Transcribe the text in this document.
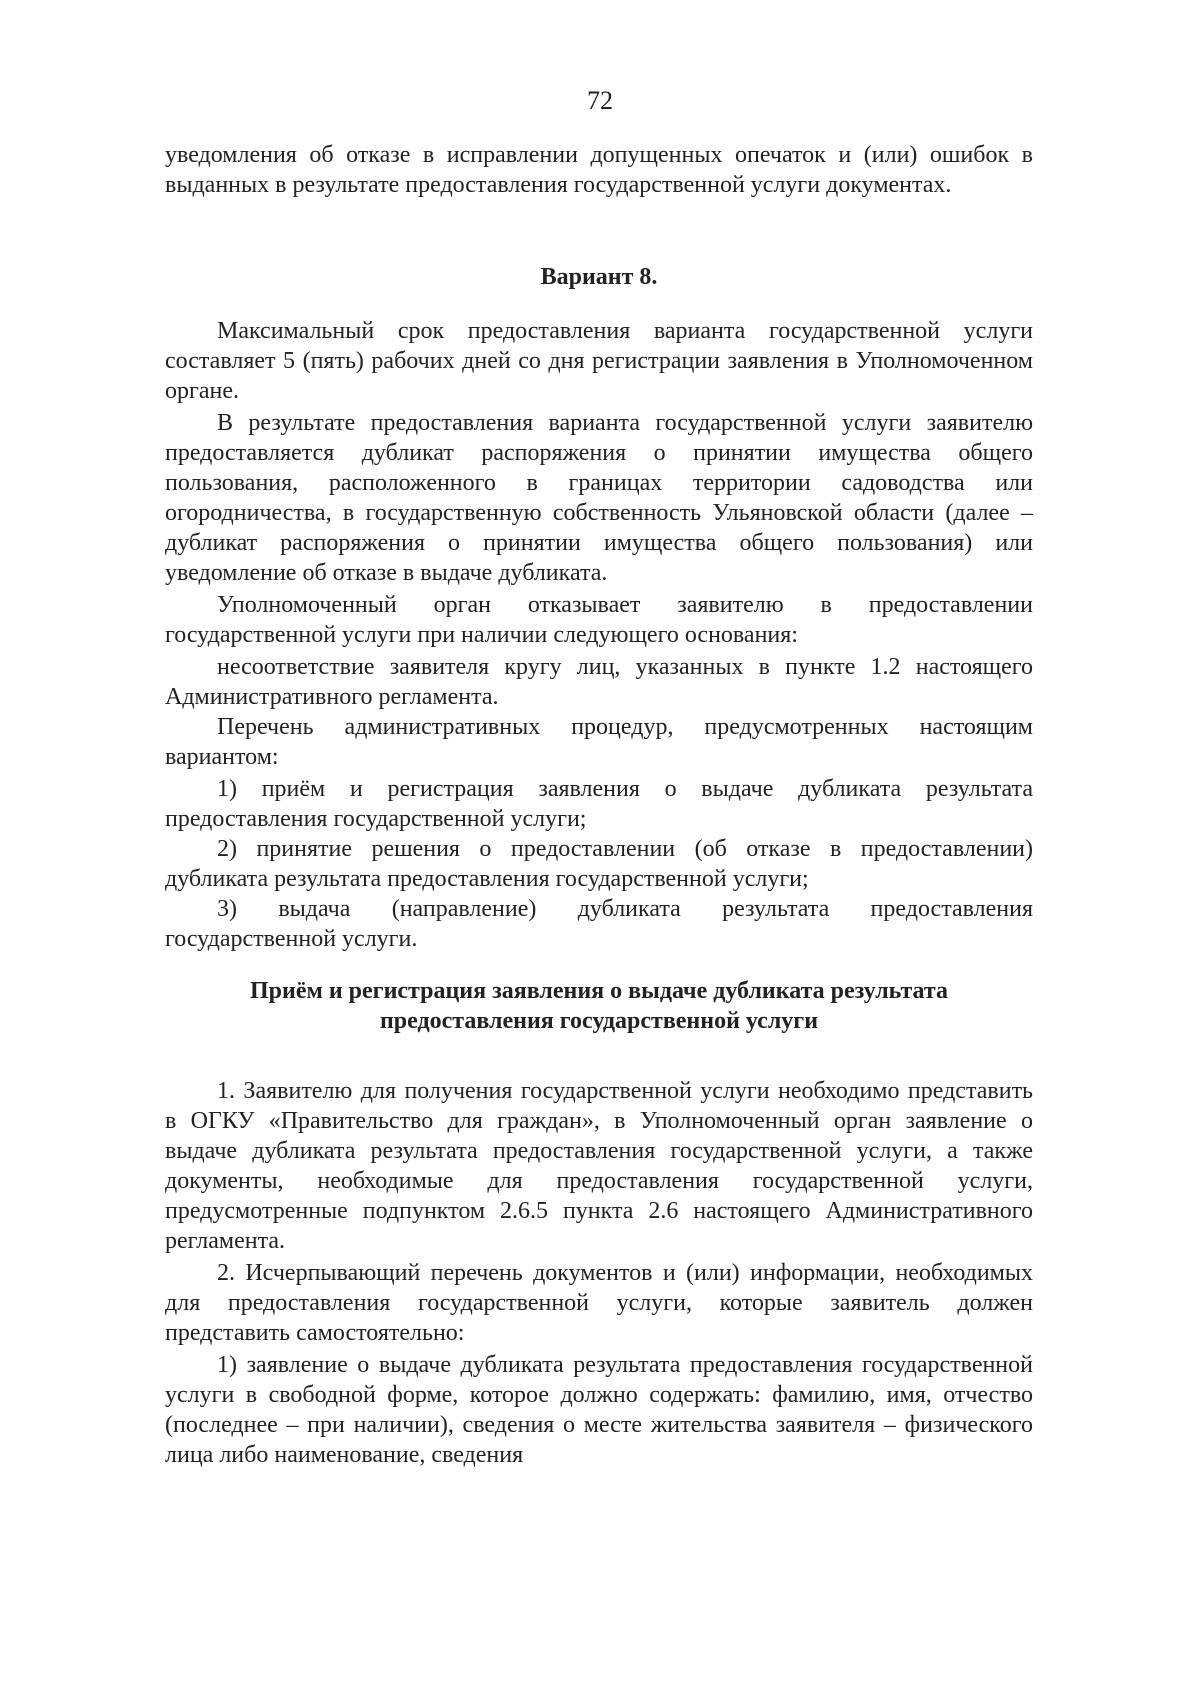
72

уведомления об отказе в исправлении допущенных опечаток и (или) ошибок в выданных в результате предоставления государственной услуги документах.

Вариант 8.

Максимальный срок предоставления варианта государственной услуги составляет 5 (пять) рабочих дней со дня регистрации заявления в Уполномоченном органе.

В результате предоставления варианта государственной услуги заявителю предоставляется дубликат распоряжения о принятии имущества общего пользования, расположенного в границах территории садоводства или огородничества, в государственную собственность Ульяновской области (далее – дубликат распоряжения о принятии имущества общего пользования) или уведомление об отказе в выдаче дубликата.

Уполномоченный орган отказывает заявителю в предоставлении государственной услуги при наличии следующего основания:

несоответствие заявителя кругу лиц, указанных в пункте 1.2 настоящего Административного регламента.

Перечень административных процедур, предусмотренных настоящим вариантом:

1) приём и регистрация заявления о выдаче дубликата результата предоставления государственной услуги;

2) принятие решения о предоставлении (об отказе в предоставлении) дубликата результата предоставления государственной услуги;

3) выдача (направление) дубликата результата предоставления государственной услуги.

Приём и регистрация заявления о выдаче дубликата результата
предоставления государственной услуги

1. Заявителю для получения государственной услуги необходимо представить в ОГКУ «Правительство для граждан», в Уполномоченный орган заявление о выдаче дубликата результата предоставления государственной услуги, а также документы, необходимые для предоставления государственной услуги, предусмотренные подпунктом 2.6.5 пункта 2.6 настоящего Административного регламента.

2. Исчерпывающий перечень документов и (или) информации, необходимых для предоставления государственной услуги, которые заявитель должен представить самостоятельно:

1) заявление о выдаче дубликата результата предоставления государственной услуги в свободной форме, которое должно содержать: фамилию, имя, отчество (последнее – при наличии), сведения о месте жительства заявителя – физического лица либо наименование, сведения
